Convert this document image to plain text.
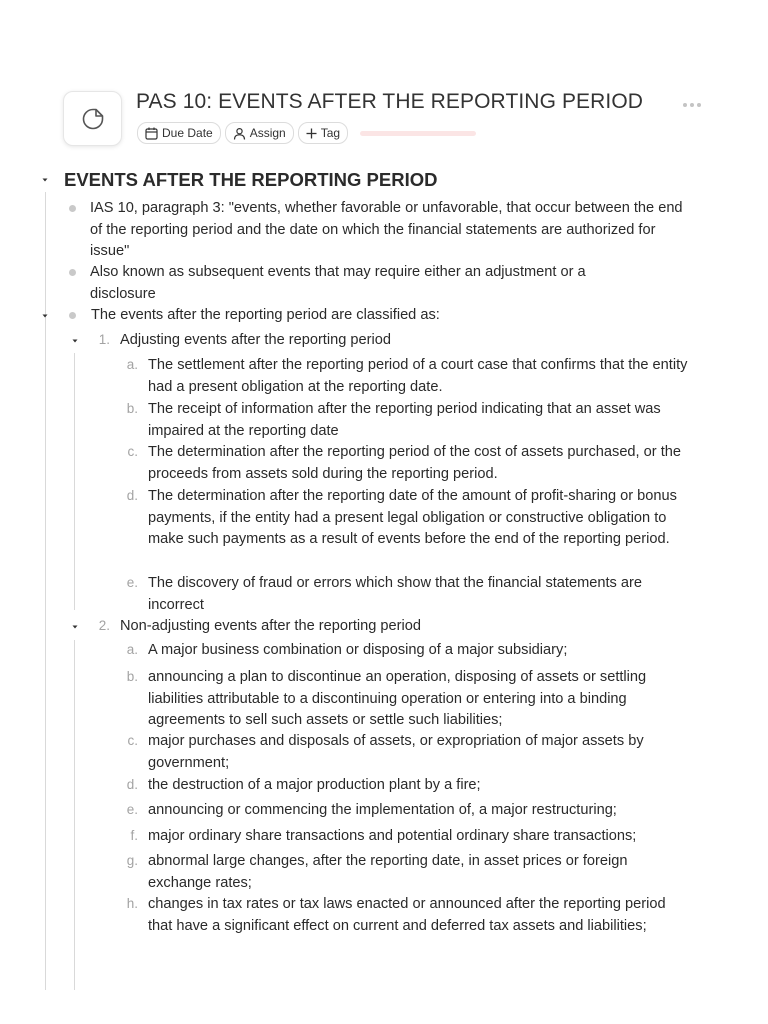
PAS 10: EVENTS AFTER THE REPORTING PERIOD
Due Date	Assign	Tag
EVENTS AFTER THE REPORTING PERIOD
IAS 10, paragraph 3: "events, whether favorable or unfavorable, that occur between the end of the reporting period and the date on which the financial statements are authorized for issue"
Also known as subsequent events that may require either an adjustment or a disclosure
The events after the reporting period are classified as:
1. Adjusting events after the reporting period
a. The settlement after the reporting period of a court case that confirms that the entity had a present obligation at the reporting date.
b. The receipt of information after the reporting period indicating that an asset was impaired at the reporting date
c. The determination after the reporting period of the cost of assets purchased, or the proceeds from assets sold during the reporting period.
d. The determination after the reporting date of the amount of profit-sharing or bonus payments, if the entity had a present legal obligation or constructive obligation to make such payments as a result of events before the end of the reporting period.
e. The discovery of fraud or errors which show that the financial statements are incorrect
2. Non-adjusting events after the reporting period
a. A major business combination or disposing of a major subsidiary;
b. announcing a plan to discontinue an operation, disposing of assets or settling liabilities attributable to a discontinuing operation or entering into a binding agreements to sell such assets or settle such liabilities;
c. major purchases and disposals of assets, or expropriation of major assets by government;
d. the destruction of a major production plant by a fire;
e. announcing or commencing the implementation of, a major restructuring;
f. major ordinary share transactions and potential ordinary share transactions;
g. abnormal large changes, after the reporting date, in asset prices or foreign exchange rates;
h. changes in tax rates or tax laws enacted or announced after the reporting period that have a significant effect on current and deferred tax assets and liabilities;
